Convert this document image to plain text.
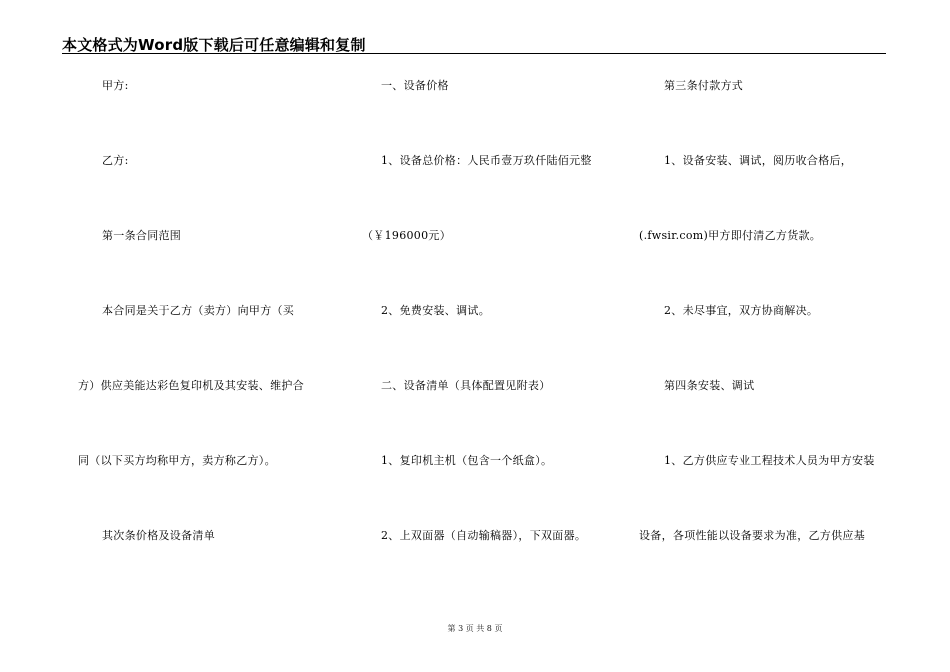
本文格式为Word版下载后可任意编辑和复制
甲方:
乙方:
第一条合同范围
本合同是关于乙方（卖方）向甲方（买
方）供应美能达彩色复印机及其安装、维护合
同（以下买方均称甲方，卖方称乙方）。
其次条价格及设备清单
一、设备价格
1、设备总价格：人民币壹万玖仟陆佰元整
（￥196000元）
2、免费安装、调试。
二、设备清单（具体配置见附表）
1、复印机主机（包含一个纸盒）。
2、上双面器（自动输稿器），下双面器。
第三条付款方式
1、设备安装、调试，阅历收合格后，
(.fwsir.com)甲方即付清乙方货款。
2、未尽事宜，双方协商解决。
第四条安装、调试
1、乙方供应专业工程技术人员为甲方安装
设备，各项性能以设备要求为准，乙方供应基
第 3 页 共 8 页
